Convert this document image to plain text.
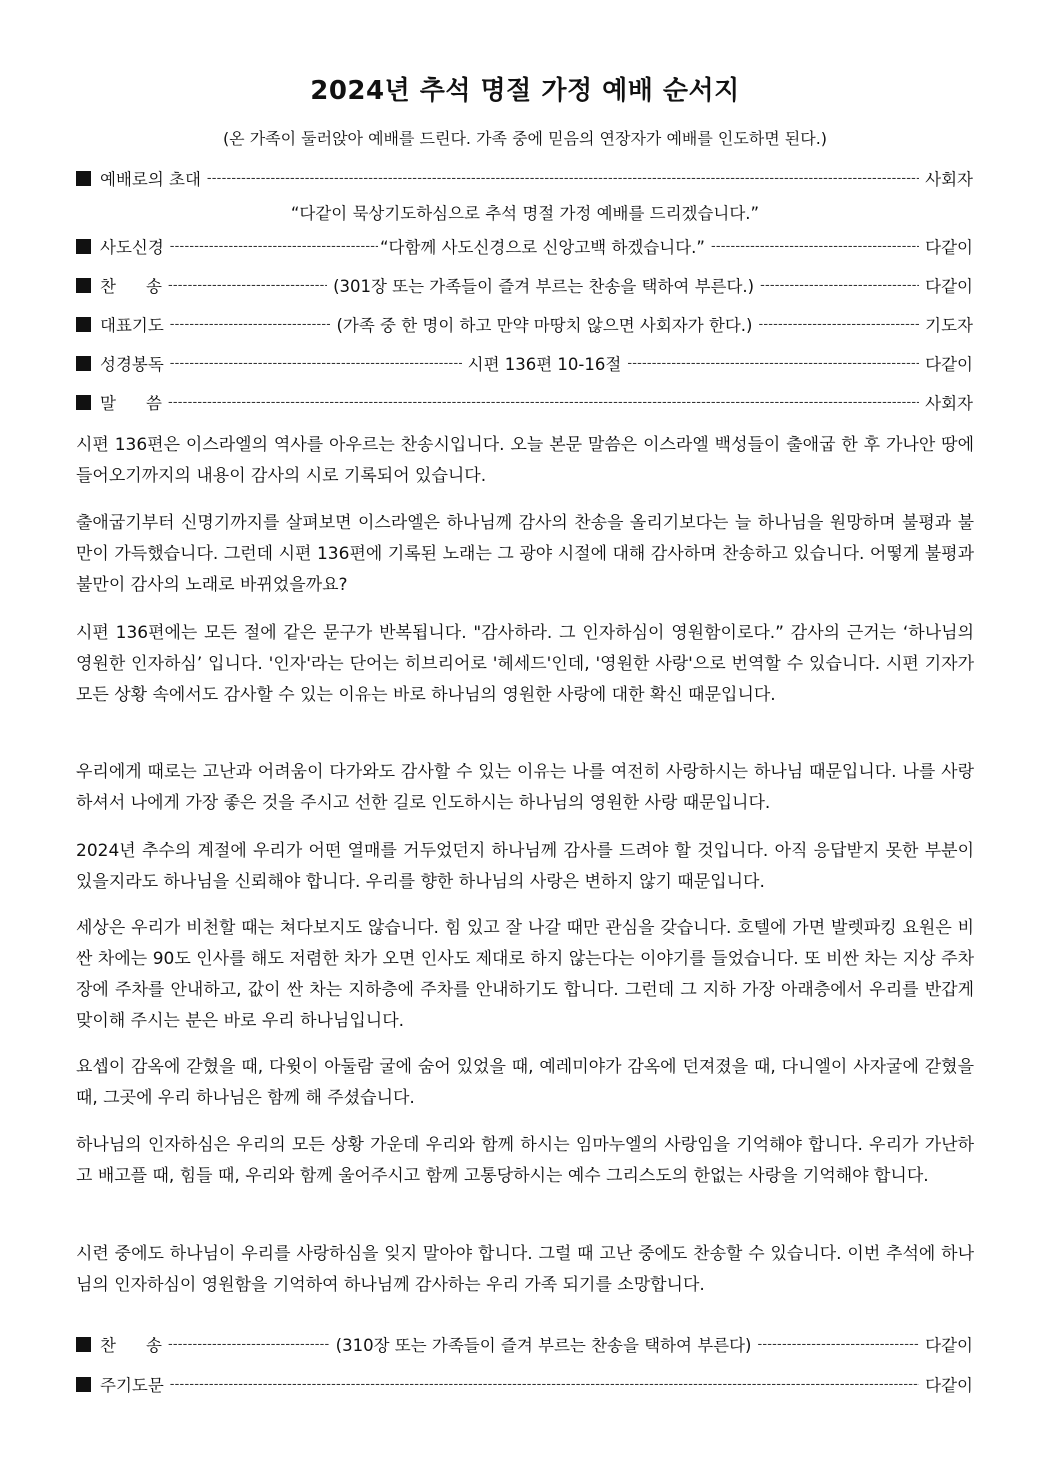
2024년 추석 명절 가정 예배 순서지
(온 가족이 둘러앉아 예배를 드린다. 가족 중에 믿음의 연장자가 예배를 인도하면 된다.)
예배로의 초대 -----	사회자
“다같이 묵상기도하심으로 추석 명절 가정 예배를 드리겠습니다.”
사도신경 -----	“다함께 사도신경으로 신앙고백 하겠습니다.” -----	다같이
찬 송 -----	(301장 또는 가족들이 즐겨 부르는 찬송을 택하여 부른다.) -----	다같이
대표기도 -----	(가족 중 한 명이 하고 만약 마땅치 않으면 사회자가 한다.) -----	기도자
성경봉독 -----	시편 136편 10-16절 -----	다같이
말 씀 -----	사회자

시편 136편은 이스라엘의 역사를 아우르는 찬송시입니다. 오늘 본문 말씀은 이스라엘 백성들이 출애굽 한 후 가나안 땅에 들어오기까지의 내용이 감사의 시로 기록되어 있습니다.

출애굽기부터 신명기까지를 살펴보면 이스라엘은 하나님께 감사의 찬송을 올리기보다는 늘 하나님을 원망하며 불평과 불만이 가득했습니다. 그런데 시편 136편에 기록된 노래는 그 광야 시절에 대해 감사하며 찬송하고 있습니다. 어떻게 불평과 불만이 감사의 노래로 바뀌었을까요?

시편 136편에는 모든 절에 같은 문구가 반복됩니다. "감사하라. 그 인자하심이 영원함이로다.” 감사의 근거는 ‘하나님의 영원한 인자하심’ 입니다. '인자'라는 단어는 히브리어로 '헤세드'인데, '영원한 사랑'으로 번역할 수 있습니다. 시편 기자가 모든 상황 속에서도 감사할 수 있는 이유는 바로 하나님의 영원한 사랑에 대한 확신 때문입니다.

우리에게 때로는 고난과 어려움이 다가와도 감사할 수 있는 이유는 나를 여전히 사랑하시는 하나님 때문입니다. 나를 사랑하셔서 나에게 가장 좋은 것을 주시고 선한 길로 인도하시는 하나님의 영원한 사랑 때문입니다.

2024년 추수의 계절에 우리가 어떤 열매를 거두었던지 하나님께 감사를 드려야 할 것입니다. 아직 응답받지 못한 부분이 있을지라도 하나님을 신뢰해야 합니다. 우리를 향한 하나님의 사랑은 변하지 않기 때문입니다.

세상은 우리가 비천할 때는 쳐다보지도 않습니다. 힘 있고 잘 나갈 때만 관심을 갖습니다. 호텔에 가면 발렛파킹 요원은 비싼 차에는 90도 인사를 해도 저렴한 차가 오면 인사도 제대로 하지 않는다는 이야기를 들었습니다. 또 비싼 차는 지상 주차장에 주차를 안내하고, 값이 싼 차는 지하층에 주차를 안내하기도 합니다. 그런데 그 지하 가장 아래층에서 우리를 반갑게 맞이해 주시는 분은 바로 우리 하나님입니다.

요셉이 감옥에 갇혔을 때, 다윗이 아둘람 굴에 숨어 있었을 때, 예레미야가 감옥에 던져졌을 때, 다니엘이 사자굴에 갇혔을 때, 그곳에 우리 하나님은 함께 해 주셨습니다.

하나님의 인자하심은 우리의 모든 상황 가운데 우리와 함께 하시는 임마누엘의 사랑임을 기억해야 합니다. 우리가 가난하고 배고플 때, 힘들 때, 우리와 함께 울어주시고 함께 고통당하시는 예수 그리스도의 한없는 사랑을 기억해야 합니다.

시련 중에도 하나님이 우리를 사랑하심을 잊지 말아야 합니다. 그럴 때 고난 중에도 찬송할 수 있습니다. 이번 추석에 하나님의 인자하심이 영원함을 기억하여 하나님께 감사하는 우리 가족 되기를 소망합니다.

찬 송 -----	(310장 또는 가족들이 즐겨 부르는 찬송을 택하여 부른다) -----	다같이
주기도문 -----	다같이
